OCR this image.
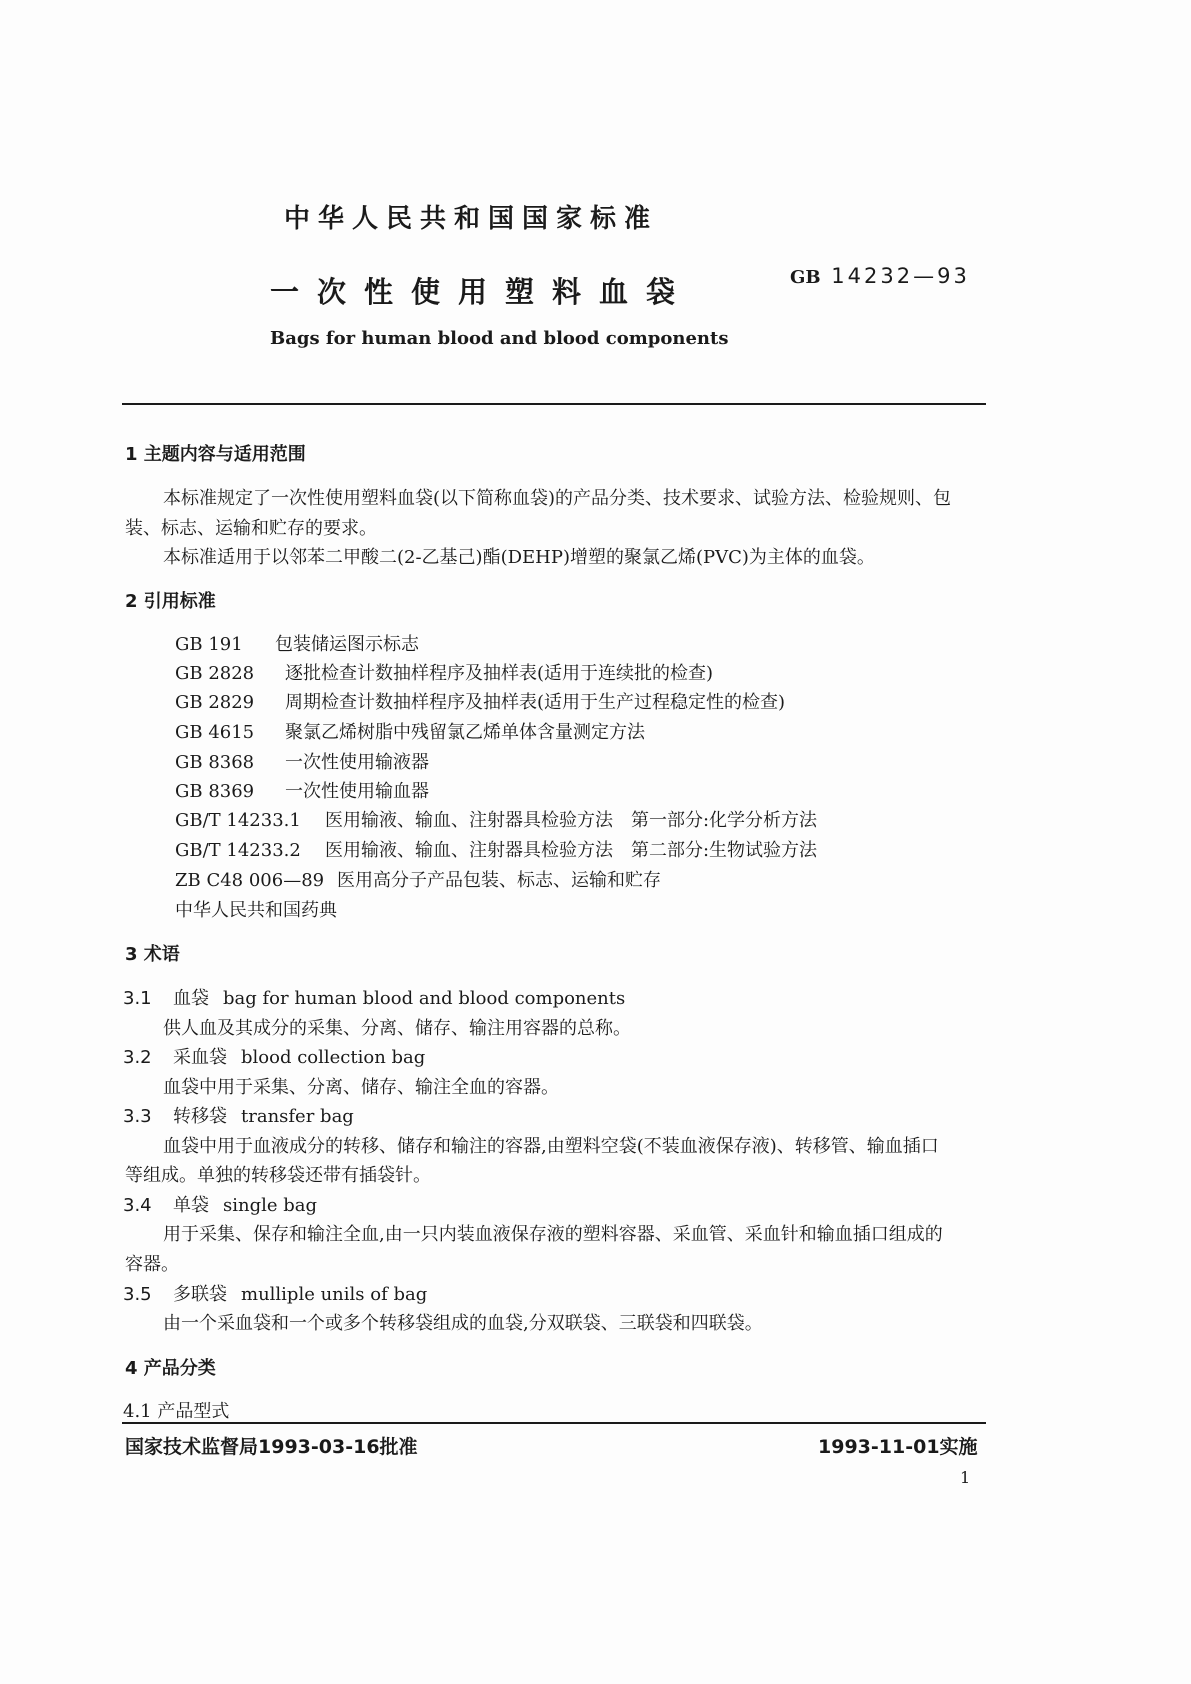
中华人民共和国国家标准
一次性使用塑料血袋	GB 14232—93
Bags for human blood and blood components
1 主题内容与适用范围
本标准规定了一次性使用塑料血袋(以下简称血袋)的产品分类、技术要求、试验方法、检验规则、包
装、标志、运输和贮存的要求。
本标准适用于以邻苯二甲酸二(2-乙基己)酯(DEHP)增塑的聚氯乙烯(PVC)为主体的血袋。
2 引用标准
GB 191 包装储运图示标志
GB 2828 逐批检查计数抽样程序及抽样表(适用于连续批的检查)
GB 2829 周期检查计数抽样程序及抽样表(适用于生产过程稳定性的检查)
GB 4615 聚氯乙烯树脂中残留氯乙烯单体含量测定方法
GB 8368 一次性使用输液器
GB 8369 一次性使用输血器
GB/T 14233.1 医用输液、输血、注射器具检验方法　第一部分:化学分析方法
GB/T 14233.2 医用输液、输血、注射器具检验方法　第二部分:生物试验方法
ZB C48 006—89 医用高分子产品包装、标志、运输和贮存
中华人民共和国药典
3 术语
3.1 血袋 bag for human blood and blood components
供人血及其成分的采集、分离、储存、输注用容器的总称。
3.2 采血袋 blood collection bag
血袋中用于采集、分离、储存、输注全血的容器。
3.3 转移袋 transfer bag
血袋中用于血液成分的转移、储存和输注的容器,由塑料空袋(不装血液保存液)、转移管、输血插口
等组成。单独的转移袋还带有插袋针。
3.4 单袋 single bag
用于采集、保存和输注全血,由一只内装血液保存液的塑料容器、采血管、采血针和输血插口组成的
容器。
3.5 多联袋 mulliple unils of bag
由一个采血袋和一个或多个转移袋组成的血袋,分双联袋、三联袋和四联袋。
4 产品分类
4.1 产品型式
国家技术监督局1993-03-16批准	1993-11-01实施
1
